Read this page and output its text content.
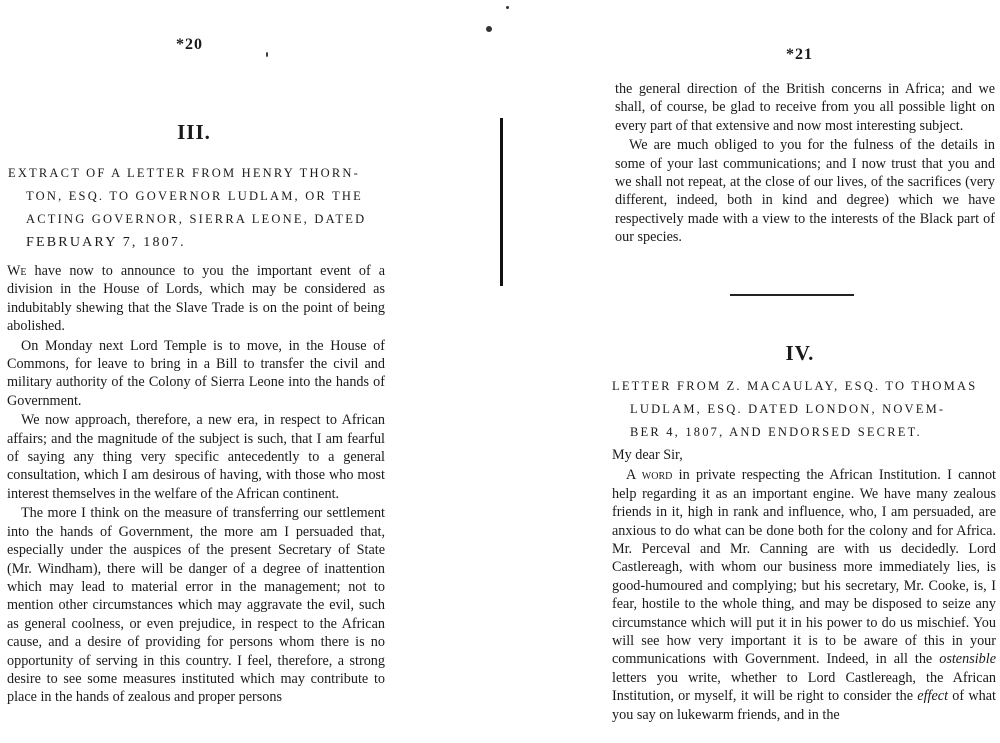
*20
III.
EXTRACT OF A LETTER FROM HENRY THORN-
TON, ESQ. TO GOVERNOR LUDLAM, OR THE
ACTING GOVERNOR, SIERRA LEONE, DATED
FEBRUARY 7, 1807.

We have now to announce to you the important event of a division in the House of Lords, which may be considered as indubitably shewing that the Slave Trade is on the point of being abolished.

On Monday next Lord Temple is to move, in the House of Commons, for leave to bring in a Bill to transfer the civil and military authority of the Colony of Sierra Leone into the hands of Government.

We now approach, therefore, a new era, in respect to African affairs; and the magnitude of the subject is such, that I am fearful of saying any thing very specific antecedently to a general consultation, which I am desirous of having, with those who most interest themselves in the welfare of the African continent.

The more I think on the measure of transferring our settlement into the hands of Government, the more am I persuaded that, especially under the auspices of the present Secretary of State (Mr. Windham), there will be danger of a degree of inattention which may lead to material error in the management; not to mention other circumstances which may aggravate the evil, such as general coolness, or even prejudice, in respect to the African cause, and a desire of providing for persons whom there is no opportunity of serving in this country. I feel, therefore, a strong desire to see some measures instituted which may contribute to place in the hands of zealous and proper persons

*21

the general direction of the British concerns in Africa; and we shall, of course, be glad to receive from you all possible light on every part of that extensive and now most interesting subject.

We are much obliged to you for the fulness of the details in some of your last communications; and I now trust that you and we shall not repeat, at the close of our lives, of the sacrifices (very different, indeed, both in kind and degree) which we have respectively made with a view to the interests of the Black part of our species.

IV.
LETTER FROM Z. MACAULAY, ESQ. TO THOMAS
LUDLAM, ESQ. DATED LONDON, NOVEM-
BER 4, 1807, AND ENDORSED SECRET.

My dear Sir,

A word in private respecting the African Institution. I cannot help regarding it as an important engine. We have many zealous friends in it, high in rank and influence, who, I am persuaded, are anxious to do what can be done both for the colony and for Africa. Mr. Perceval and Mr. Canning are with us decidedly. Lord Castlereagh, with whom our business more immediately lies, is good-humoured and complying; but his secretary, Mr. Cooke, is, I fear, hostile to the whole thing, and may be disposed to seize any circumstance which will put it in his power to do us mischief. You will see how very important it is to be aware of this in your communications with Government. Indeed, in all the ostensible letters you write, whether to Lord Castlereagh, the African Institution, or myself, it will be right to consider the effect of what you say on lukewarm friends, and in the
